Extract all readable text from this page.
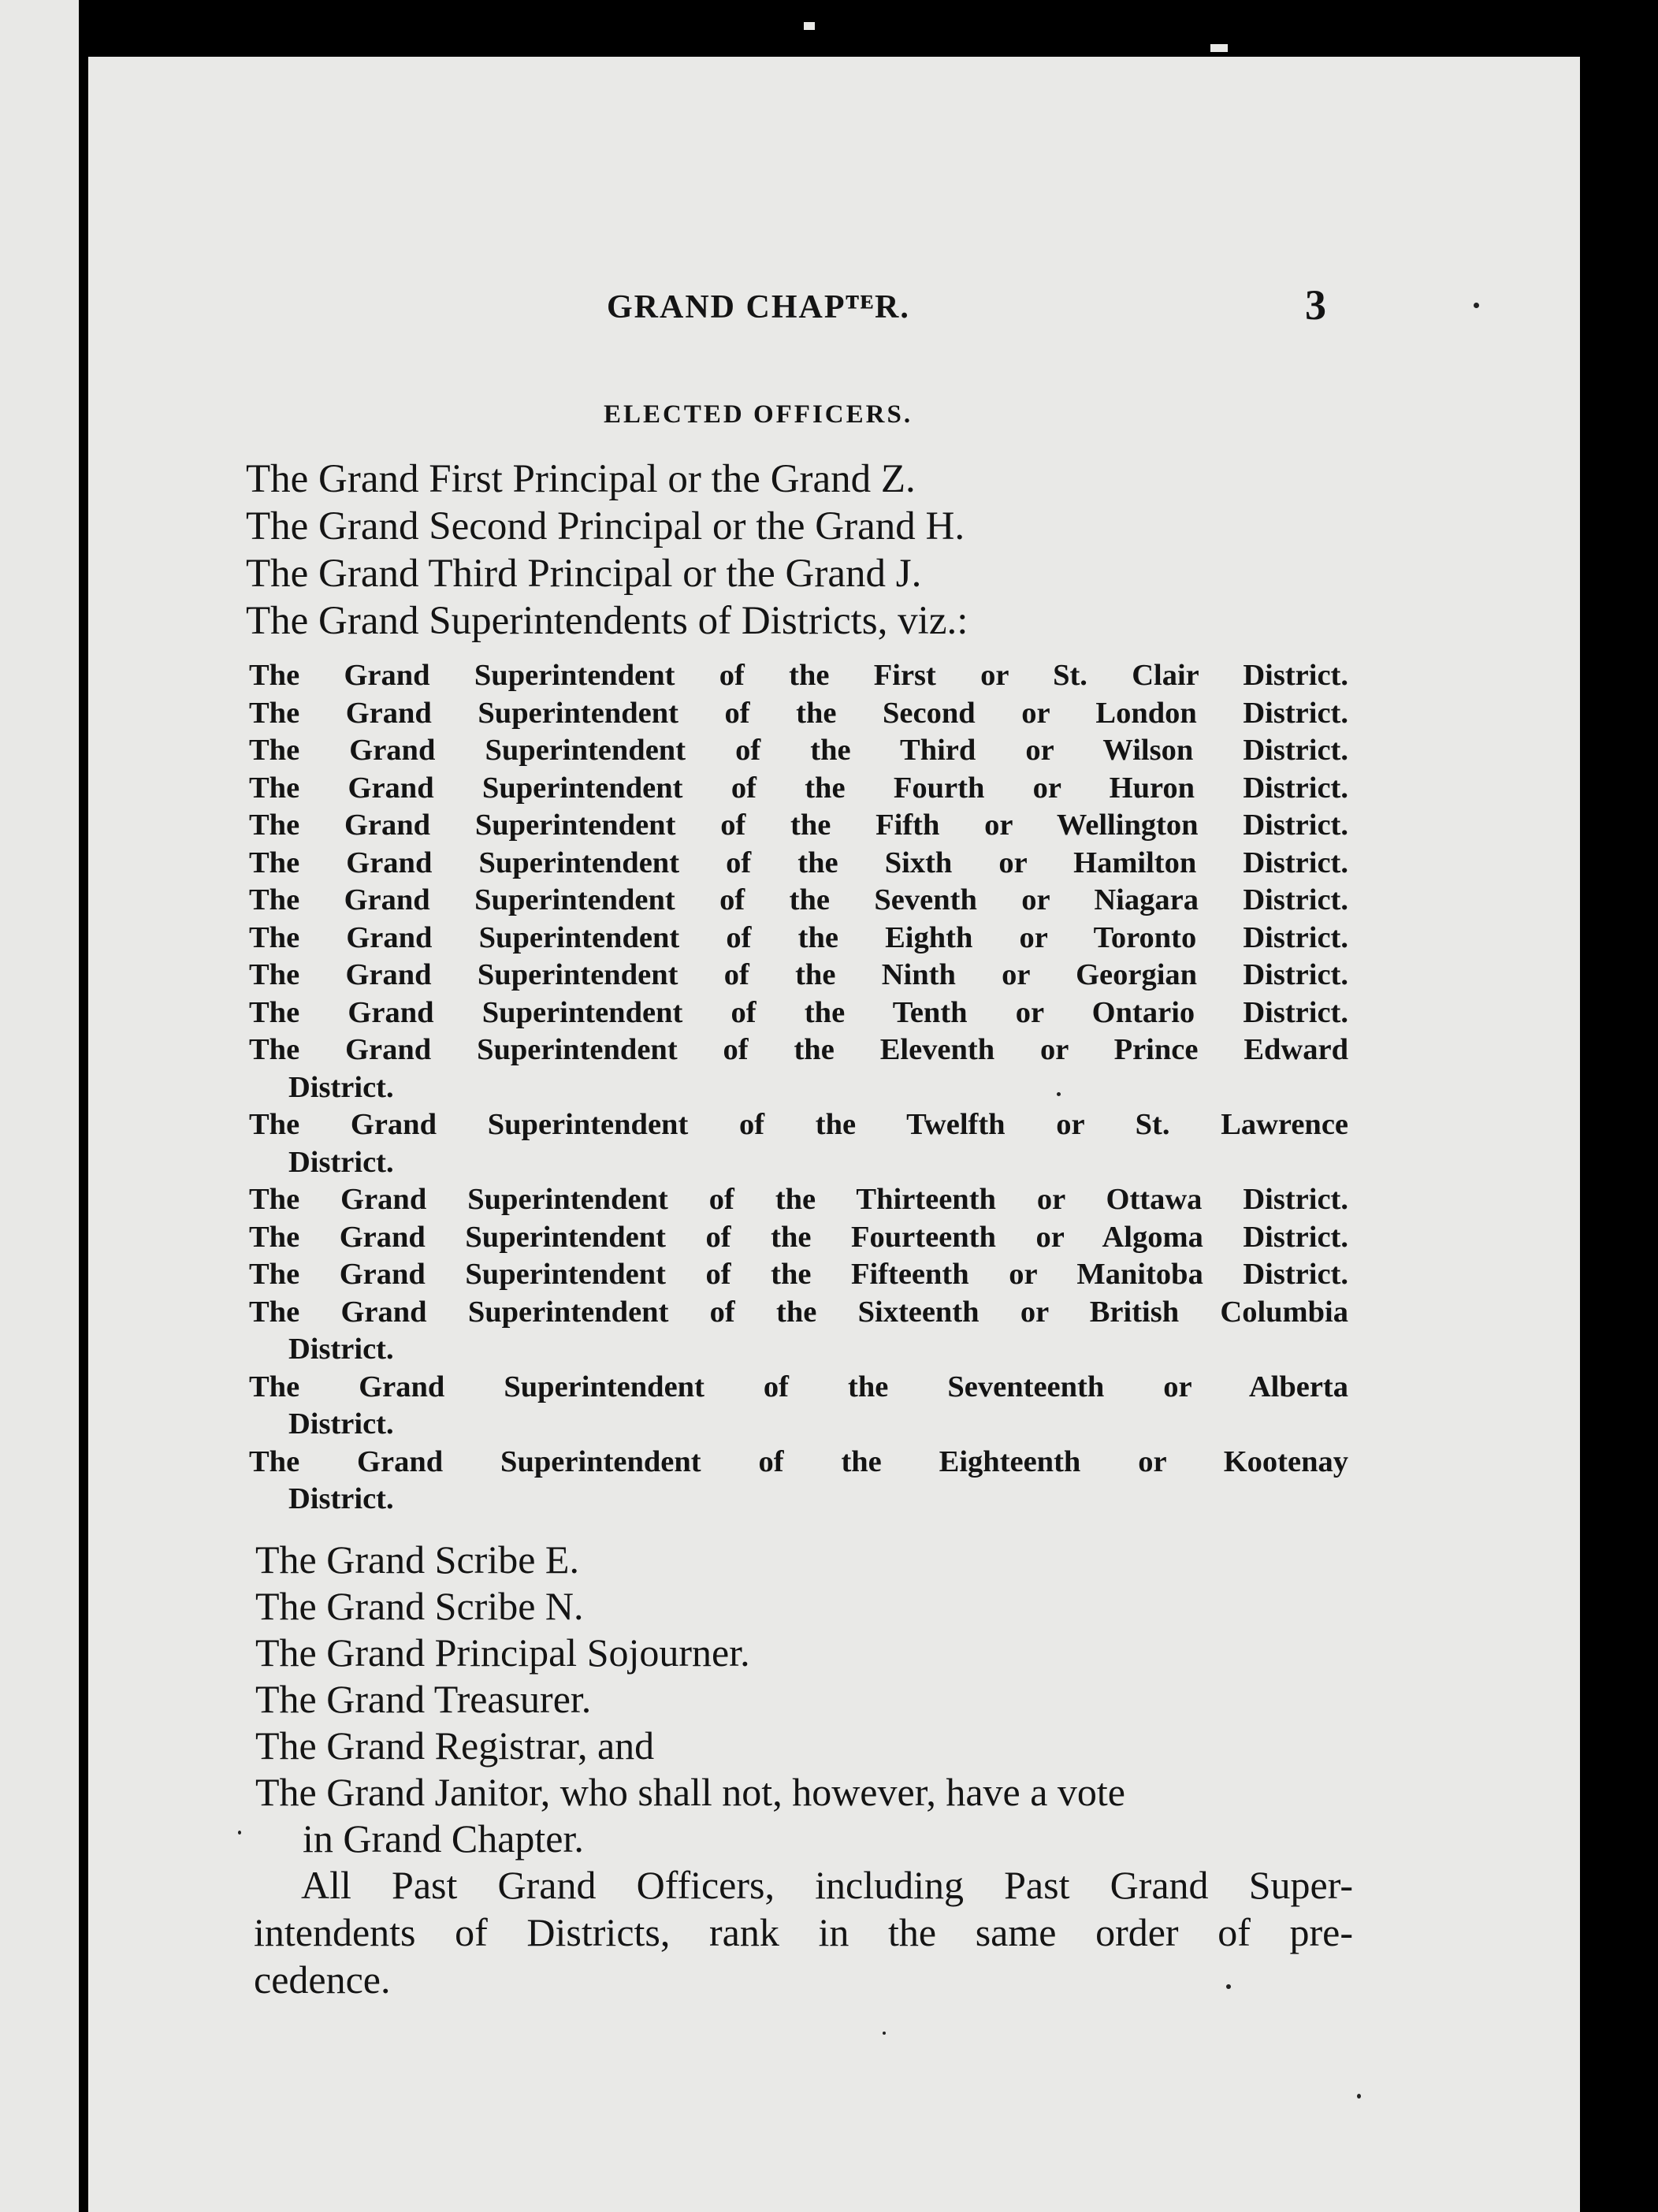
GRAND CHAPᵀᴱR.	3
ELECTED OFFICERS.
The Grand First Principal or the Grand Z.
The Grand Second Principal or the Grand H.
The Grand Third Principal or the Grand J.
The Grand Superintendents of Districts, viz.:
The Grand Superintendent of the First or St. Clair District.
The Grand Superintendent of the Second or London District.
The Grand Superintendent of the Third or Wilson District.
The Grand Superintendent of the Fourth or Huron District.
The Grand Superintendent of the Fifth or Wellington District.
The Grand Superintendent of the Sixth or Hamilton District.
The Grand Superintendent of the Seventh or Niagara District.
The Grand Superintendent of the Eighth or Toronto District.
The Grand Superintendent of the Ninth or Georgian District.
The Grand Superintendent of the Tenth or Ontario District.
The Grand Superintendent of the Eleventh or Prince Edward
District.
The Grand Superintendent of the Twelfth or St. Lawrence
District.
The Grand Superintendent of the Thirteenth or Ottawa District.
The Grand Superintendent of the Fourteenth or Algoma District.
The Grand Superintendent of the Fifteenth or Manitoba District.
The Grand Superintendent of the Sixteenth or British Columbia
District.
The Grand Superintendent of the Seventeenth or Alberta
District.
The Grand Superintendent of the Eighteenth or Kootenay
District.
The Grand Scribe E.
The Grand Scribe N.
The Grand Principal Sojourner.
The Grand Treasurer.
The Grand Registrar, and
The Grand Janitor, who shall not, however, have a vote
in Grand Chapter.
All Past Grand Officers, including Past Grand Super-
intendents of Districts, rank in the same order of pre-
cedence.
